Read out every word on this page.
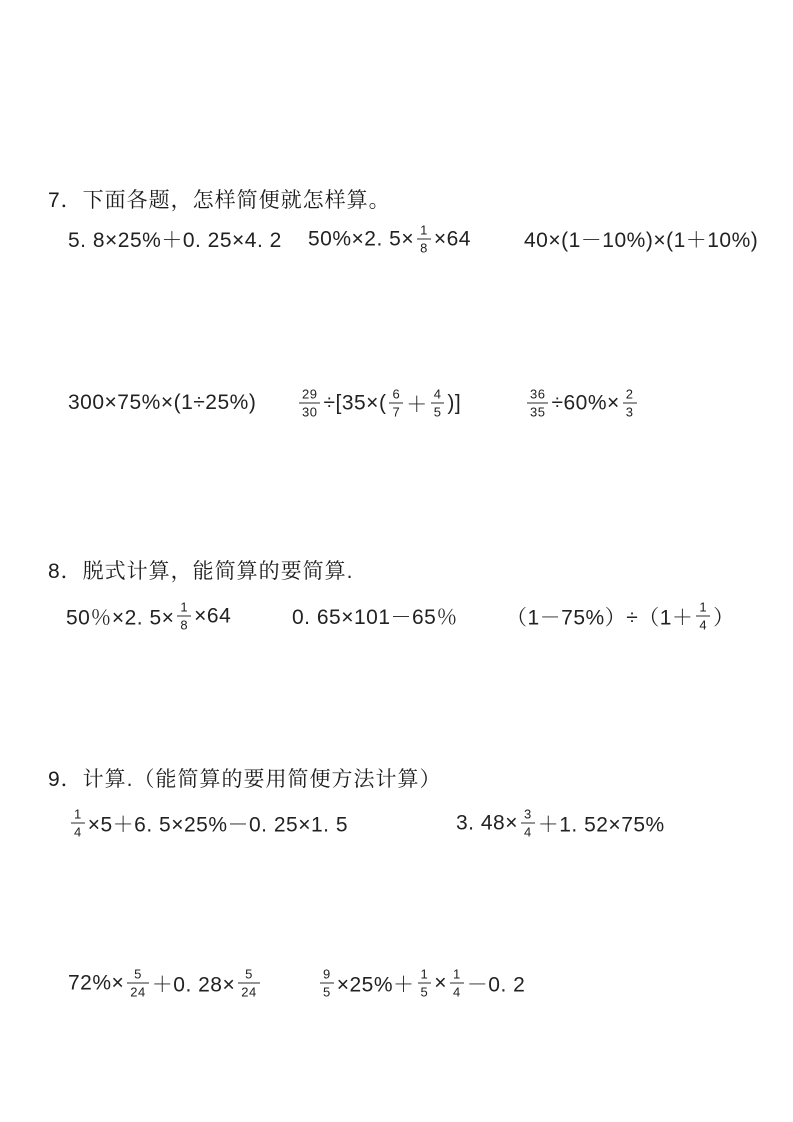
7．下面各题，怎样简便就怎样算。
5. 8×25%＋0. 25×4. 2 50%×2. $5\times \frac{1}{8} \times 64$	40×(1－10%)×(1＋10%)
300×75%×(1÷25%)	$\frac{29}{30} \div[35\times( \frac{6}{7} + \frac{4}{5}$ )]	$\frac{36}{35} \div 60\%\times \frac{2}{3}$
8．脱式计算，能简算的要简算.
50％×2. $5\times \frac{1}{8} \times 64$	0. 65×101－65％ $(1-75\%)\div(1+ \frac{1}{4}$ ）
9．计算.（能简算的要用简便方法计算）
$\frac{1}{4} \times 5+6$. 5×25%－0. 25×1. 5	3. $48\times \frac{3}{4} +1$. 52×75%
$72\%\times \frac{5}{24} +0$. $28\times \frac{5}{24}$	$\frac{9}{5} \times 25\%+ \frac{1}{5} \times \frac{1}{4} -0$. 2
